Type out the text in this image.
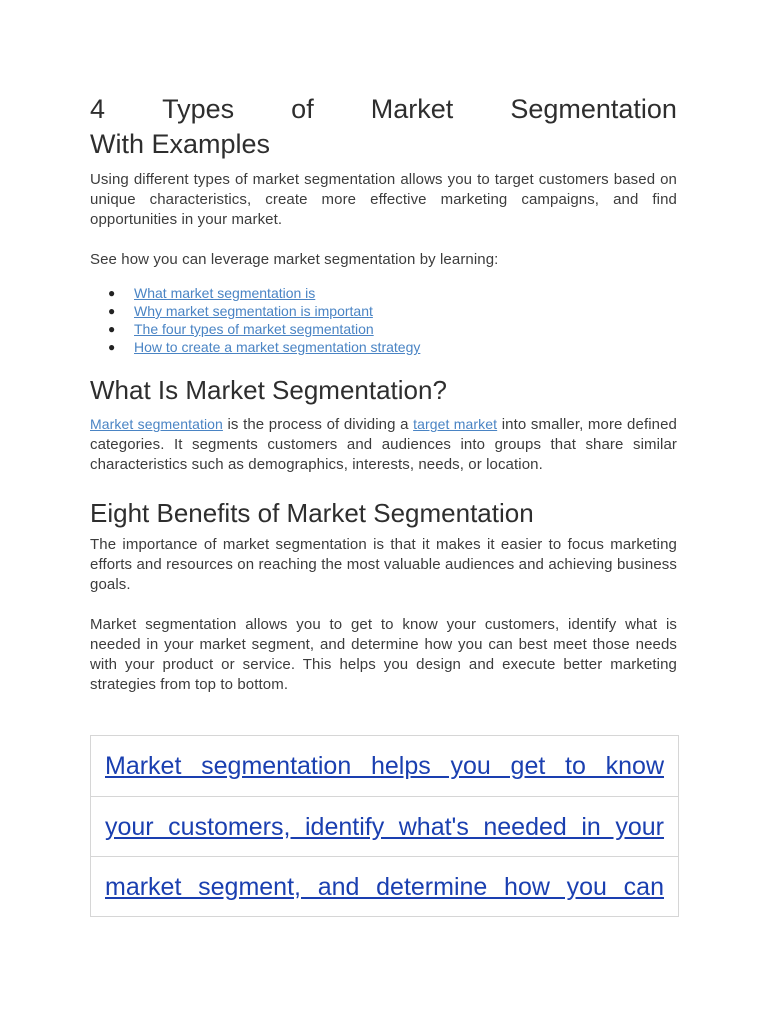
4 Types of Market Segmentation
With Examples

Using different types of market segmentation allows you to target customers based on unique characteristics, create more effective marketing campaigns, and find opportunities in your market.

See how you can leverage market segmentation by learning:

● What market segmentation is
● Why market segmentation is important
● The four types of market segmentation
● How to create a market segmentation strategy
What Is Market Segmentation?

Market segmentation is the process of dividing a target market into smaller, more defined categories. It segments customers and audiences into groups that share similar characteristics such as demographics, interests, needs, or location.

Eight Benefits of Market Segmentation

The importance of market segmentation is that it makes it easier to focus marketing efforts and resources on reaching the most valuable audiences and achieving business goals.

Market segmentation allows you to get to know your customers, identify what is needed in your market segment, and determine how you can best meet those needs with your product or service. This helps you design and execute better marketing strategies from top to bottom.

Market segmentation helps you get to know
your customers, identify what's needed in your
market segment, and determine how you can
